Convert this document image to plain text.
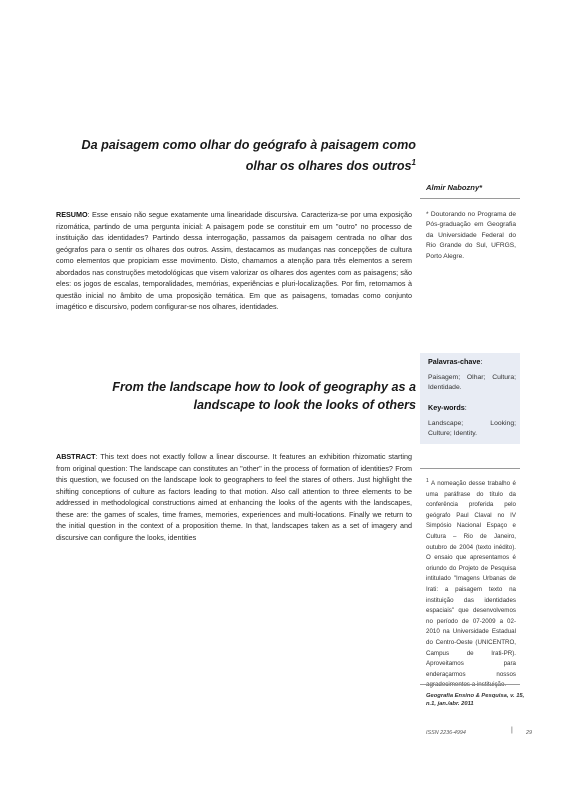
Da paisagem como olhar do geógrafo à paisagem como olhar os olhares dos outros$^1$
Almir Nabozny*
* Doutorando no Programa de Pós-graduação em Geografia da Universidade Federal do Rio Grande do Sul, UFRGS, Porto Alegre.

RESUMO: Esse ensaio não segue exatamente uma linearidade discursiva. Caracteriza-se por uma exposição rizomática, partindo de uma pergunta inicial: A paisagem pode se constituir em um "outro" no processo de instituição das identidades? Partindo dessa interrogação, passamos da paisagem centrada no olhar dos geógrafos para o sentir os olhares dos outros. Assim, destacamos as mudanças nas concepções de cultura como elementos que propiciam esse movimento. Disto, chamamos a atenção para três elementos a serem abordados nas construções metodológicas que visem valorizar os olhares dos agentes com as paisagens; são eles: os jogos de escalas, temporalidades, memórias, experiências e pluri-localizações. Por fim, retornamos à questão inicial no âmbito de uma proposição temática. Em que as paisagens, tomadas como conjunto imagético e discursivo, podem configurar-se nos olhares, identidades.

Palavras-chave:
Paisagem; Olhar; Cultura; Identidade.
Key-words:
Landscape; Looking; Culture; Identity.
From the landscape how to look of geography as a landscape to look the looks of others

ABSTRACT: This text does not exactly follow a linear discourse. It features an exhibition rhizomatic starting from original question: The landscape can constitutes an "other" in the process of formation of identities? From this question, we focused on the landscape look to geographers to feel the stares of others. Just highlight the shifting conceptions of culture as factors leading to that motion. Also call attention to three elements to be addressed in methodological constructions aimed at enhancing the looks of the agents with the landscapes, these are: the games of scales, time frames, memories, experiences and multi-locations. Finally we return to the initial question in the context of a proposition theme. In that, landscapes taken as a set of imagery and discursive can configure the looks, identities

$^1$ A nomeação desse trabalho é uma paráfrase do título da conferência proferida pelo geógrafo Paul Claval no IV Simpósio Nacional Espaço e Cultura – Rio de Janeiro, outubro de 2004 (texto inédito). O ensaio que apresentamos é oriundo do Projeto de Pesquisa intitulado "Imagens Urbanas de Irati: a paisagem texto na instituição das identidades espaciais" que desenvolvemos no período de 07-2009 a 02-2010 na Universidade Estadual do Centro-Oeste (UNICENTRO, Campus de Irati-PR). Aproveitamos para enderaçarmos nossos agradecimentos a instituição.

Geografia Ensino & Pesquisa, v. 15, n.1, jan./abr. 2011
ISSN 2236-4994	| 29
